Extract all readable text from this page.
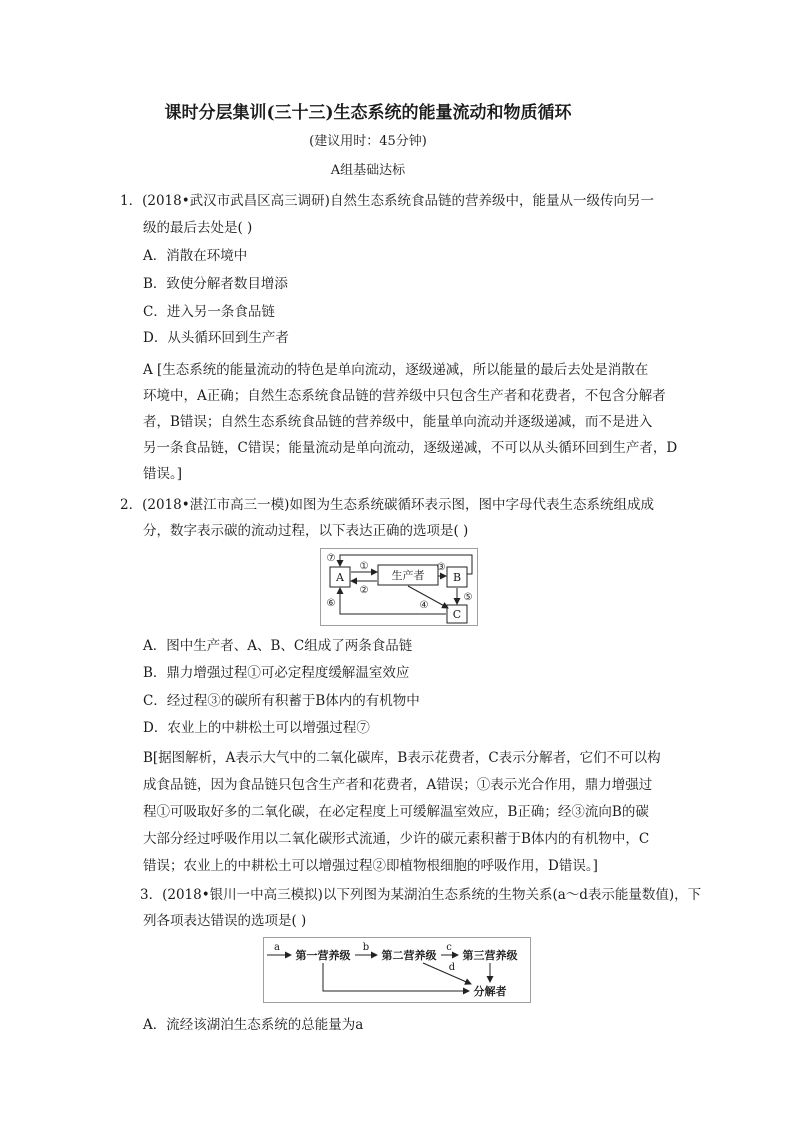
课时分层集训(三十三)生态系统的能量流动和物质循环
(建议用时：45分钟)
A组基础达标
1．(2018•武汉市武昌区高三调研)自然生态系统食品链的营养级中，能量从一级传向另一
级的最后去处是( )
A．消散在环境中
B．致使分解者数目增添
C．进入另一条食品链
D．从头循环回到生产者
A [生态系统的能量流动的特色是单向流动，逐级递减，所以能量的最后去处是消散在
环境中，A正确；自然生态系统食品链的营养级中只包含生产者和花费者，不包含分解者
者，B错误；自然生态系统食品链的营养级中，能量单向流动并逐级递减，而不是进入
另一条食品链，C错误；能量流动是单向流动，逐级递减，不可以从头循环回到生产者，D
错误。]
2．(2018•湛江市高三一模)如图为生态系统碳循环表示图，图中字母代表生态系统组成成
分，数字表示碳的流动过程，以下表达正确的选项是( )
A	生产者	B
C
①
②
③
④
⑤
⑥
⑦
A．图中生产者、A、B、C组成了两条食品链
B．鼎力增强过程①可必定程度缓解温室效应
C．经过程③的碳所有积蓄于B体内的有机物中
D．农业上的中耕松土可以增强过程⑦
B[据图解析，A表示大气中的二氧化碳库，B表示花费者，C表示分解者，它们不可以构
成食品链，因为食品链只包含生产者和花费者，A错误；①表示光合作用，鼎力增强过
程①可吸取好多的二氧化碳，在必定程度上可缓解温室效应，B正确；经③流向B的碳
大部分经过呼吸作用以二氧化碳形式流通，少许的碳元素积蓄于B体内的有机物中，C
错误；农业上的中耕松土可以增强过程②即植物根细胞的呼吸作用，D错误。]
3．(2018•银川一中高三模拟)以下列图为某湖泊生态系统的生物关系(a～d表示能量数值)，下
列各项表达错误的选项是( )
第一营养级	第二营养级 第三营养级
分解者
a	b	c
d
A．流经该湖泊生态系统的总能量为a
